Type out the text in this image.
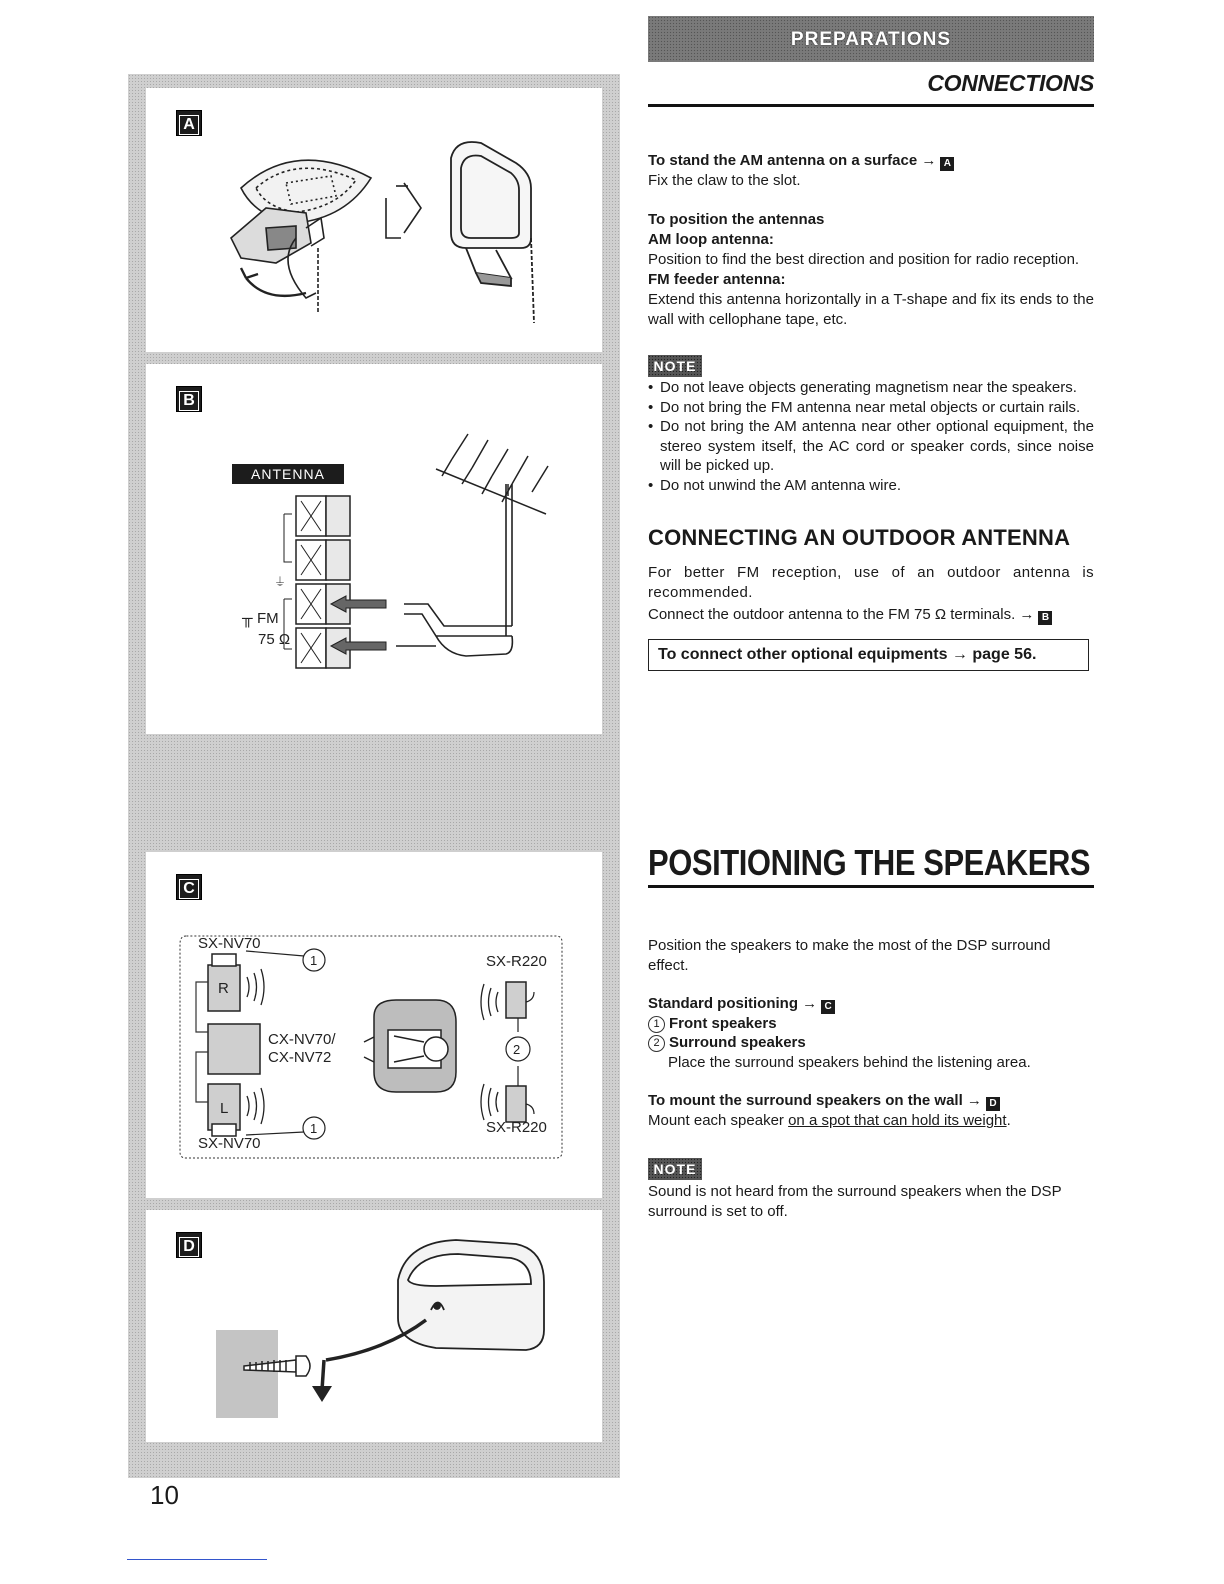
A
B
ANTENNA
╥ FM
75 Ω
⏚
C
R
L
2
1
1
SX-NV70
SX-NV70
CX-NV70/
CX-NV72
SX-R220
SX-R220
D
PREPARATIONS
CONNECTIONS
To stand the AM antenna on a surface → A
Fix the claw to the slot.
To position the antennas
AM loop antenna:
Position to find the best direction and position for radio reception.
FM feeder antenna:
Extend this antenna horizontally in a T-shape and fix its ends to the wall with cellophane tape, etc.
NOTE
• Do not leave objects generating magnetism near the speakers.
• Do not bring the FM antenna near metal objects or curtain rails.
• Do not bring the AM antenna near other optional equipment, the stereo system itself, the AC cord or speaker cords, since noise will be picked up.
• Do not unwind the AM antenna wire.
CONNECTING AN OUTDOOR ANTENNA
For better FM reception, use of an outdoor antenna is recommended.
Connect the outdoor antenna to the FM 75 Ω terminals. → B
To connect other optional equipments → page 56.
POSITIONING THE SPEAKERS
Position the speakers to make the most of the DSP surround effect.
Standard positioning → C
1 Front speakers
2 Surround speakers
Place the surround speakers behind the listening area.
To mount the surround speakers on the wall → D
Mount each speaker on a spot that can hold its weight.
NOTE
Sound is not heard from the surround speakers when the DSP surround is set to off.
10
